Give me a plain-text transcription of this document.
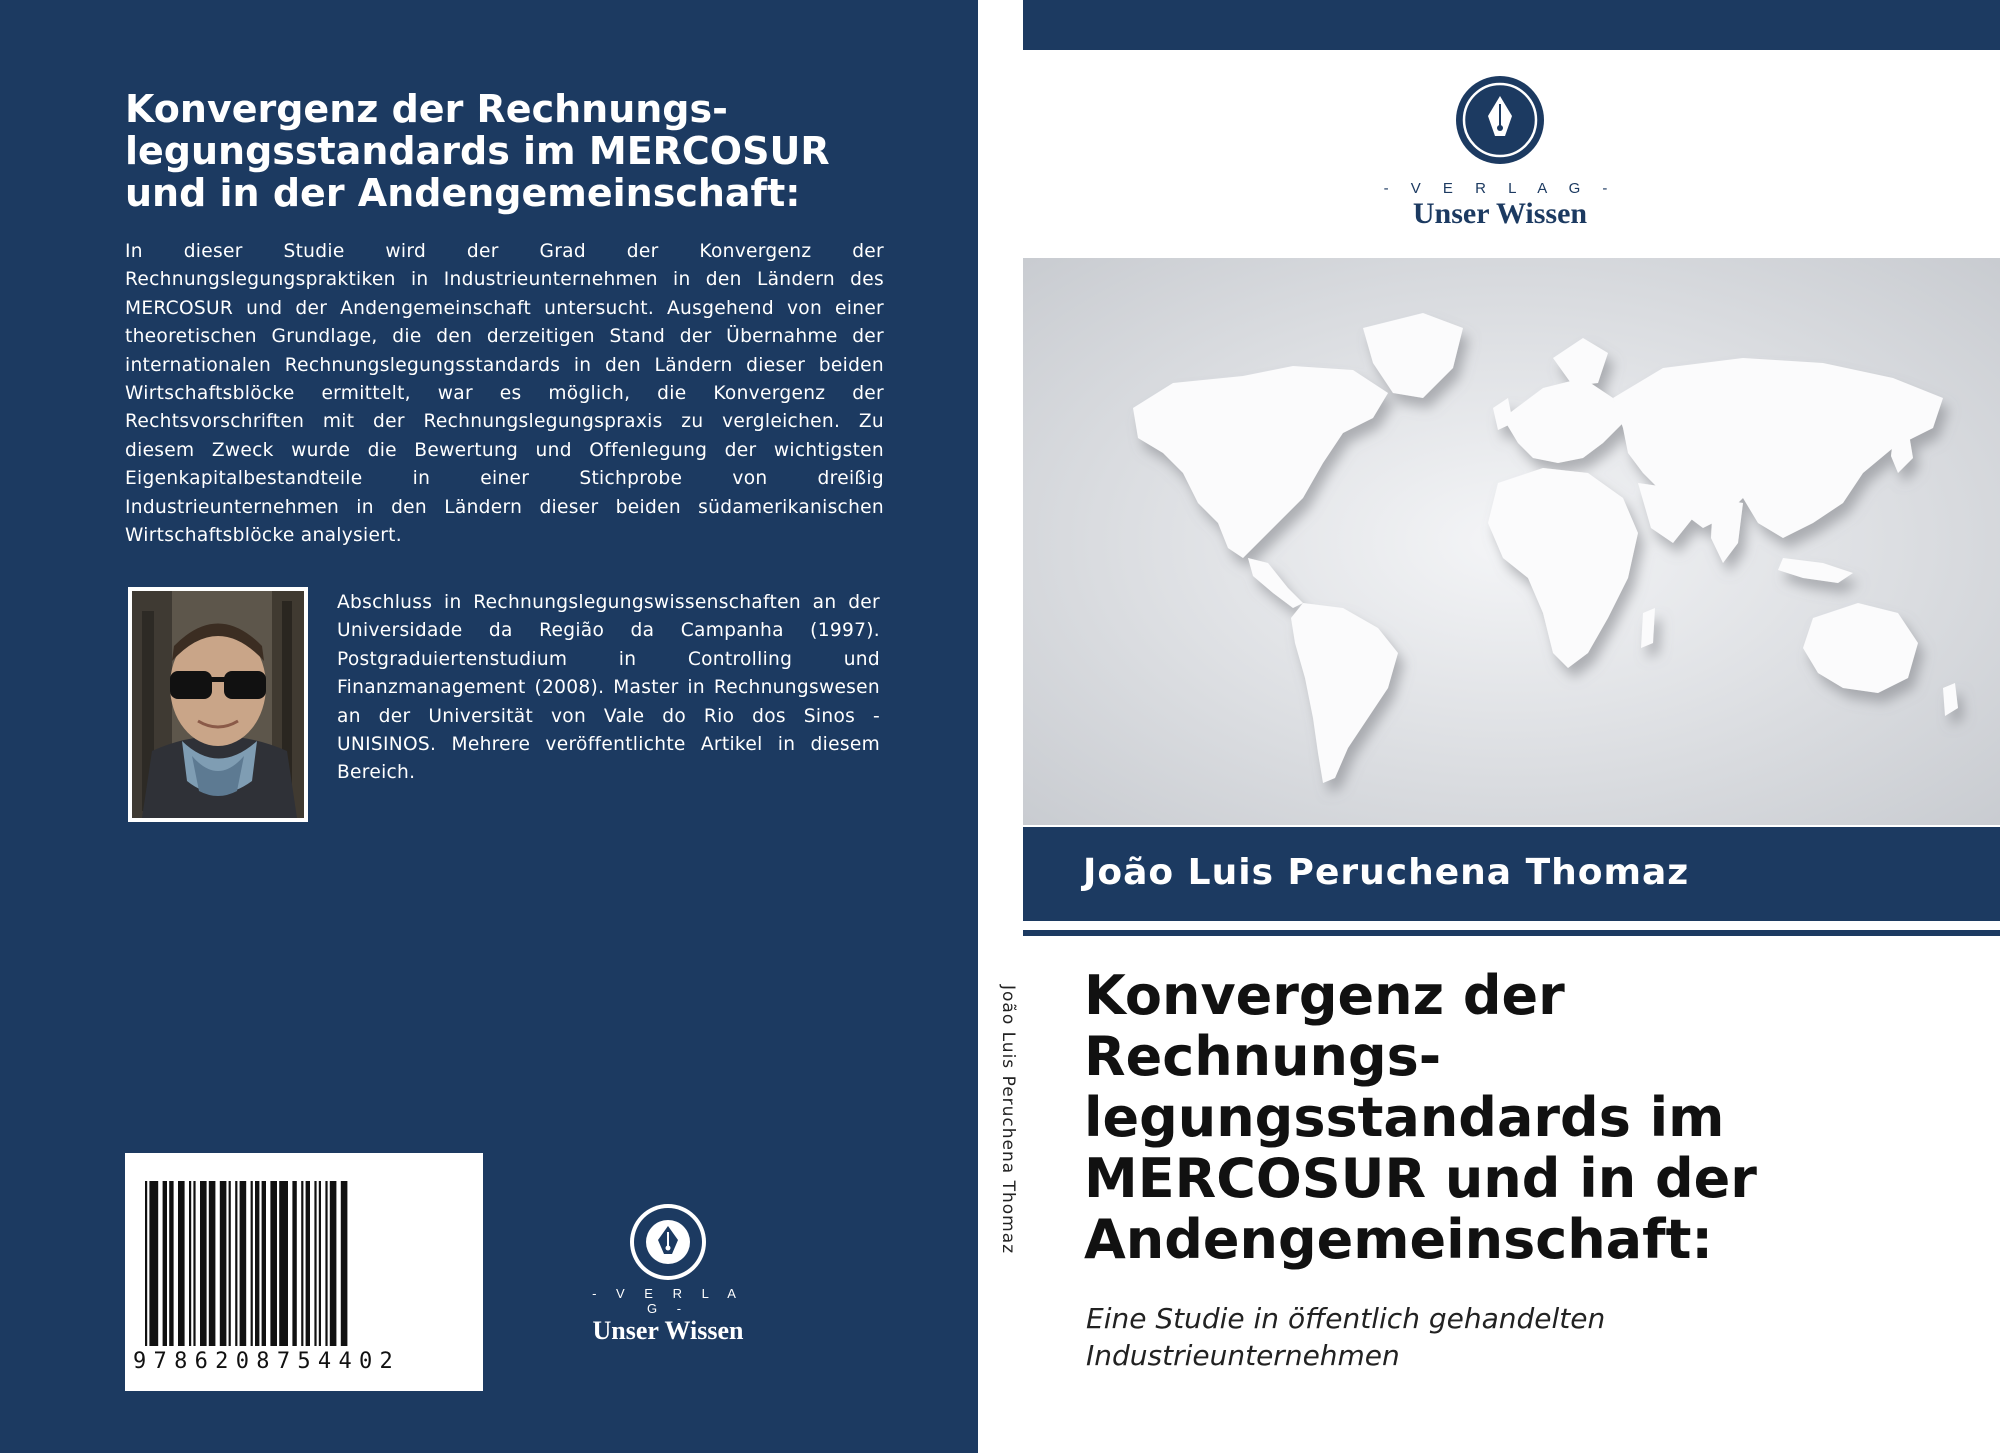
Konvergenz der Rechnungs-
legungsstandards im MERCOSUR
und in der Andengemeinschaft:

In dieser Studie wird der Grad der Konvergenz der Rechnungslegungspraktiken in Industrieunternehmen in den Ländern des MERCOSUR und der Andengemeinschaft untersucht. Ausgehend von einer theoretischen Grundlage, die den derzeitigen Stand der Übernahme der internationalen Rechnungslegungsstandards in den Ländern dieser beiden Wirtschaftsblöcke ermittelt, war es möglich, die Konvergenz der Rechtsvorschriften mit der Rechnungslegungspraxis zu vergleichen. Zu diesem Zweck wurde die Bewertung und Offenlegung der wichtigsten Eigenkapitalbestandteile in einer Stichprobe von dreißig Industrieunternehmen in den Ländern dieser beiden südamerikanischen Wirtschaftsblöcke analysiert.

Abschluss in Rechnungslegungswissenschaften an der Universidade da Região da Campanha (1997). Postgraduiertenstudium in Controlling und Finanzmanagement (2008). Master in Rechnungswesen an der Universität von Vale do Rio dos Sinos - UNISINOS. Mehrere veröffentlichte Artikel in diesem Bereich.

9786208754402
- V E R L A G -
Unser Wissen
João Luis Peruchena Thomaz
- V E R L A G -
Unser Wissen
João Luis Peruchena Thomaz
Konvergenz der
Rechnungs-
legungsstandards im
MERCOSUR und in der
Andengemeinschaft:
Eine Studie in öffentlich gehandelten
Industrieunternehmen
